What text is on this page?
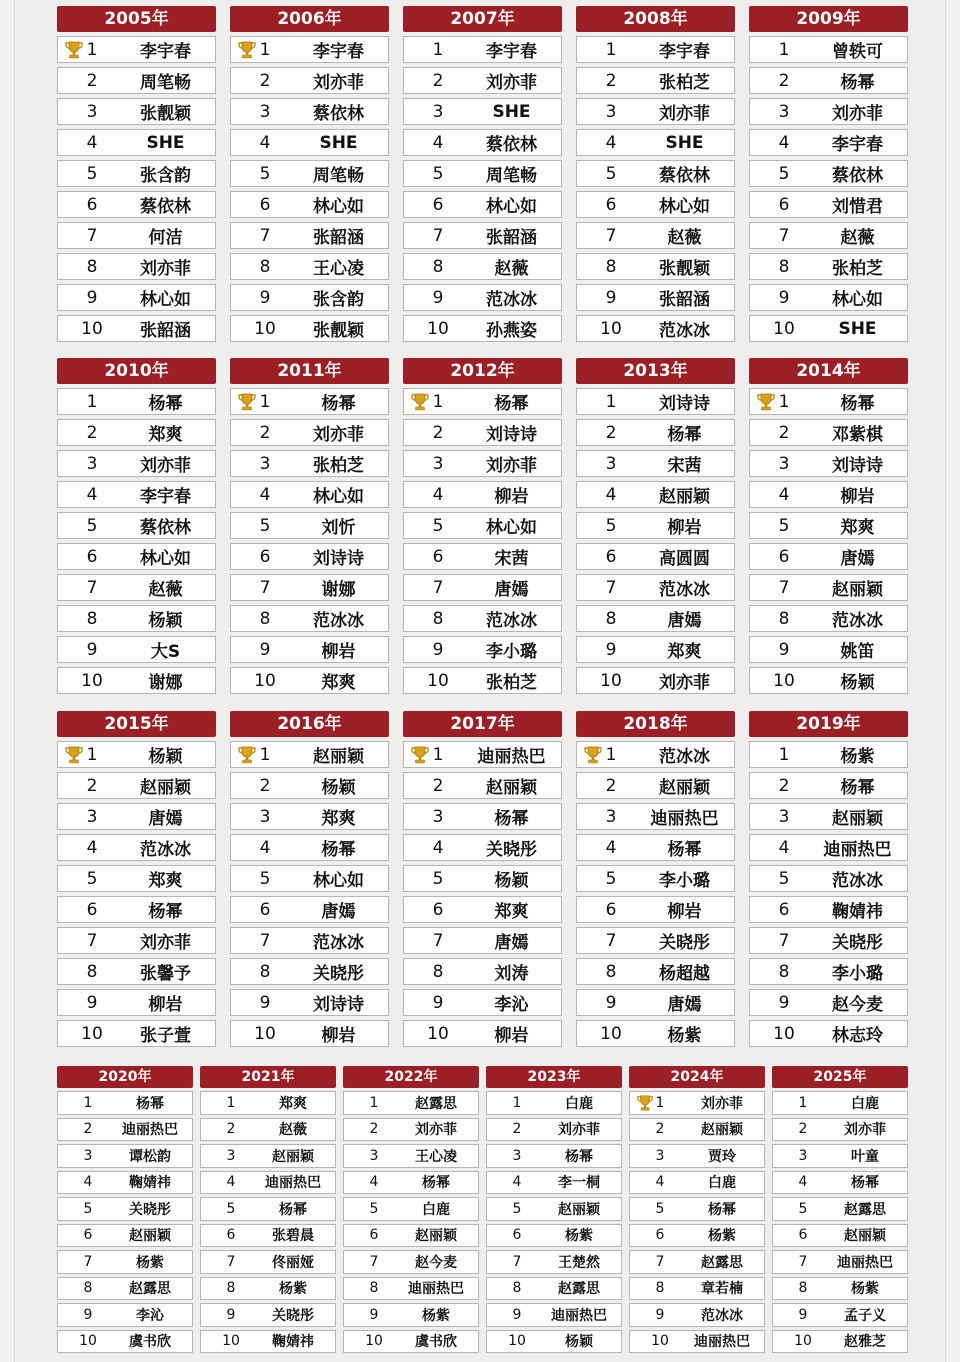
2005年
1	李宇春
2	周笔畅
3	张靓颖
4	SHE
5	张含韵
6	蔡依林
7	何洁
8	刘亦菲
9	林心如
10	张韶涵
2006年
1	李宇春
2	刘亦菲
3	蔡依林
4	SHE
5	周笔畅
6	林心如
7	张韶涵
8	王心凌
9	张含韵
10	张靓颖
2007年
1	李宇春
2	刘亦菲
3	SHE
4	蔡依林
5	周笔畅
6	林心如
7	张韶涵
8	赵薇
9	范冰冰
10	孙燕姿
2008年
1	李宇春
2	张柏芝
3	刘亦菲
4	SHE
5	蔡依林
6	林心如
7	赵薇
8	张靓颖
9	张韶涵
10	范冰冰
2009年
1	曾轶可
2	杨幂
3	刘亦菲
4	李宇春
5	蔡依林
6	刘惜君
7	赵薇
8	张柏芝
9	林心如
10	SHE
2010年
1	杨幂
2	郑爽
3	刘亦菲
4	李宇春
5	蔡依林
6	林心如
7	赵薇
8	杨颖
9	大S
10	谢娜
2011年
1	杨幂
2	刘亦菲
3	张柏芝
4	林心如
5	刘忻
6	刘诗诗
7	谢娜
8	范冰冰
9	柳岩
10	郑爽
2012年
1	杨幂
2	刘诗诗
3	刘亦菲
4	柳岩
5	林心如
6	宋茜
7	唐嫣
8	范冰冰
9	李小璐
10	张柏芝
2013年
1	刘诗诗
2	杨幂
3	宋茜
4	赵丽颖
5	柳岩
6	高圆圆
7	范冰冰
8	唐嫣
9	郑爽
10	刘亦菲
2014年
1	杨幂
2	邓紫棋
3	刘诗诗
4	柳岩
5	郑爽
6	唐嫣
7	赵丽颖
8	范冰冰
9	姚笛
10	杨颖
2015年
1	杨颖
2	赵丽颖
3	唐嫣
4	范冰冰
5	郑爽
6	杨幂
7	刘亦菲
8	张馨予
9	柳岩
10	张子萱
2016年
1	赵丽颖
2	杨颖
3	郑爽
4	杨幂
5	林心如
6	唐嫣
7	范冰冰
8	关晓彤
9	刘诗诗
10	柳岩
2017年
1	迪丽热巴
2	赵丽颖
3	杨幂
4	关晓彤
5	杨颖
6	郑爽
7	唐嫣
8	刘涛
9	李沁
10	柳岩
2018年
1	范冰冰
2	赵丽颖
3	迪丽热巴
4	杨幂
5	李小璐
6	柳岩
7	关晓彤
8	杨超越
9	唐嫣
10	杨紫
2019年
1	杨紫
2	杨幂
3	赵丽颖
4	迪丽热巴
5	范冰冰
6	鞠婧祎
7	关晓彤
8	李小璐
9	赵今麦
10	林志玲
2020年
1	杨幂
2	迪丽热巴
3	谭松韵
4	鞠婧祎
5	关晓彤
6	赵丽颖
7	杨紫
8	赵露思
9	李沁
10	虞书欣
2021年
1	郑爽
2	赵薇
3	赵丽颖
4	迪丽热巴
5	杨幂
6	张碧晨
7	佟丽娅
8	杨紫
9	关晓彤
10	鞠婧祎
2022年
1	赵露思
2	刘亦菲
3	王心凌
4	杨幂
5	白鹿
6	赵丽颖
7	赵今麦
8	迪丽热巴
9	杨紫
10	虞书欣
2023年
1	白鹿
2	刘亦菲
3	杨幂
4	李一桐
5	赵丽颖
6	杨紫
7	王楚然
8	赵露思
9	迪丽热巴
10	杨颖
2024年
1	刘亦菲
2	赵丽颖
3	贾玲
4	白鹿
5	杨幂
6	杨紫
7	赵露思
8	章若楠
9	范冰冰
10	迪丽热巴
2025年
1	白鹿
2	刘亦菲
3	叶童
4	杨幂
5	赵露思
6	赵丽颖
7	迪丽热巴
8	杨紫
9	孟子义
10	赵雅芝
